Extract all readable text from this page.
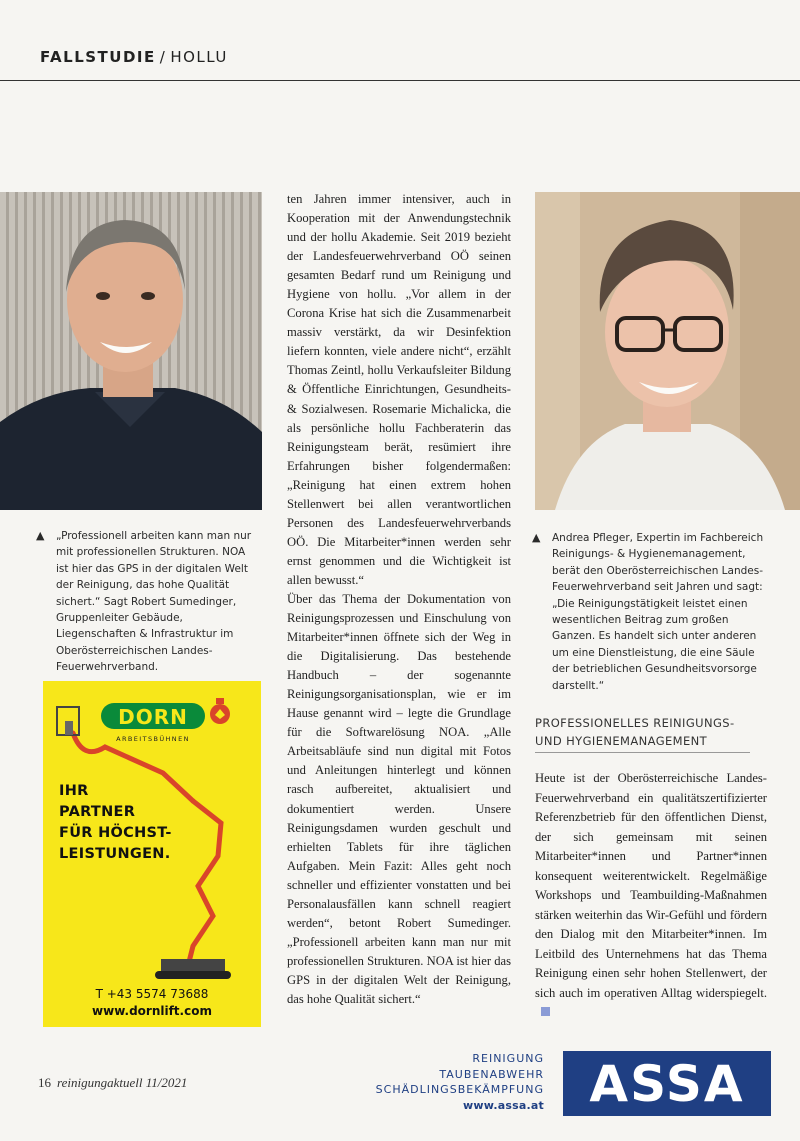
FALLSTUDIE / HOLLU
▲ „Professionell arbeiten kann man nur mit professionellen Strukturen. NOA ist hier das GPS in der digitalen Welt der Reinigung, das hohe Qualität sichert.“ Sagt Robert Sumedinger, Gruppenleiter Gebäude, Liegenschaften & Infrastruktur im Oberösterreichischen Landes-Feuerwehrverband.
▲ Andrea Pfleger, Expertin im Fachbereich Reinigungs- & Hygienemanagement, berät den Oberösterreichischen Landes-Feuerwehrverband seit Jahren und sagt: „Die Reinigungstätigkeit leistet einen wesentlichen Beitrag zum großen Ganzen. Es handelt sich unter anderen um eine Dienstleistung, die eine Säule der betrieblichen Gesundheitsvorsorge darstellt.“

ten Jahren immer intensiver, auch in Kooperation mit der Anwendungstechnik und der hollu Akademie. Seit 2019 bezieht der Landesfeuerwehrverband OÖ seinen gesamten Bedarf rund um Reinigung und Hygiene von hollu. „Vor allem in der Corona Krise hat sich die Zusammenarbeit massiv verstärkt, da wir Desinfektion liefern konnten, viele andere nicht“, erzählt Thomas Zeintl, hollu Verkaufsleiter Bildung & Öffentliche Einrichtungen, Gesundheits- & Sozialwesen. Rosemarie Michalicka, die als persönliche hollu Fachberaterin das Reinigungsteam berät, resümiert ihre Erfahrungen bisher folgendermaßen: „Reinigung hat einen extrem hohen Stellenwert bei allen verantwortlichen Personen des Landesfeuerwehrverbands OÖ. Die Mitarbeiter*innen werden sehr ernst genommen und die Wichtigkeit ist allen bewusst.“

Über das Thema der Dokumentation von Reinigungsprozessen und Einschulung von Mitarbeiter*innen öffnete sich der Weg in die Digitalisierung. Das bestehende Handbuch – der sogenannte Reinigungsorganisationsplan, wie er im Hause genannt wird – legte die Grundlage für die Softwarelösung NOA. „Alle Arbeitsabläufe sind nun digital mit Fotos und Anleitungen hinterlegt und können rasch aufbereitet, aktualisiert und dokumentiert werden. Unsere Reinigungsdamen wurden geschult und erhielten Tablets für ihre täglichen Aufgaben. Mein Fazit: Alles geht noch schneller und effizienter vonstatten und bei Personalausfällen kann schnell reagiert werden“, betont Robert Sumedinger. „Professionell arbeiten kann man nur mit professionellen Strukturen. NOA ist hier das GPS in der digitalen Welt der Reinigung, das hohe Qualität sichert.“

PROFESSIONELLES REINIGUNGS-
UND HYGIENEMANAGEMENT

Heute ist der Oberösterreichische Landes-Feuerwehrverband ein qualitätszertifizierter Referenzbetrieb für den öffentlichen Dienst, der sich gemeinsam mit seinen Mitarbeiter*innen und Partner*innen konsequent weiterentwickelt. Regelmäßige Workshops und Teambuilding-Maßnahmen stärken weiterhin das Wir-Gefühl und fördern den Dialog mit den Mitarbeiter*innen. Im Leitbild des Unternehmens hat das Thema Reinigung einen sehr hohen Stellenwert, der sich auch im operativen Alltag widerspiegelt.

DORN
ARBEITSBÜHNEN
IHR
PARTNER
FÜR HÖCHST-
LEISTUNGEN.
T +43 5574 73688
www.dornlift.com
16 reinigungaktuell 11/2021
REINIGUNG
TAUBENABWEHR
SCHÄDLINGSBEKÄMPFUNG
www.assa.at ASSA
